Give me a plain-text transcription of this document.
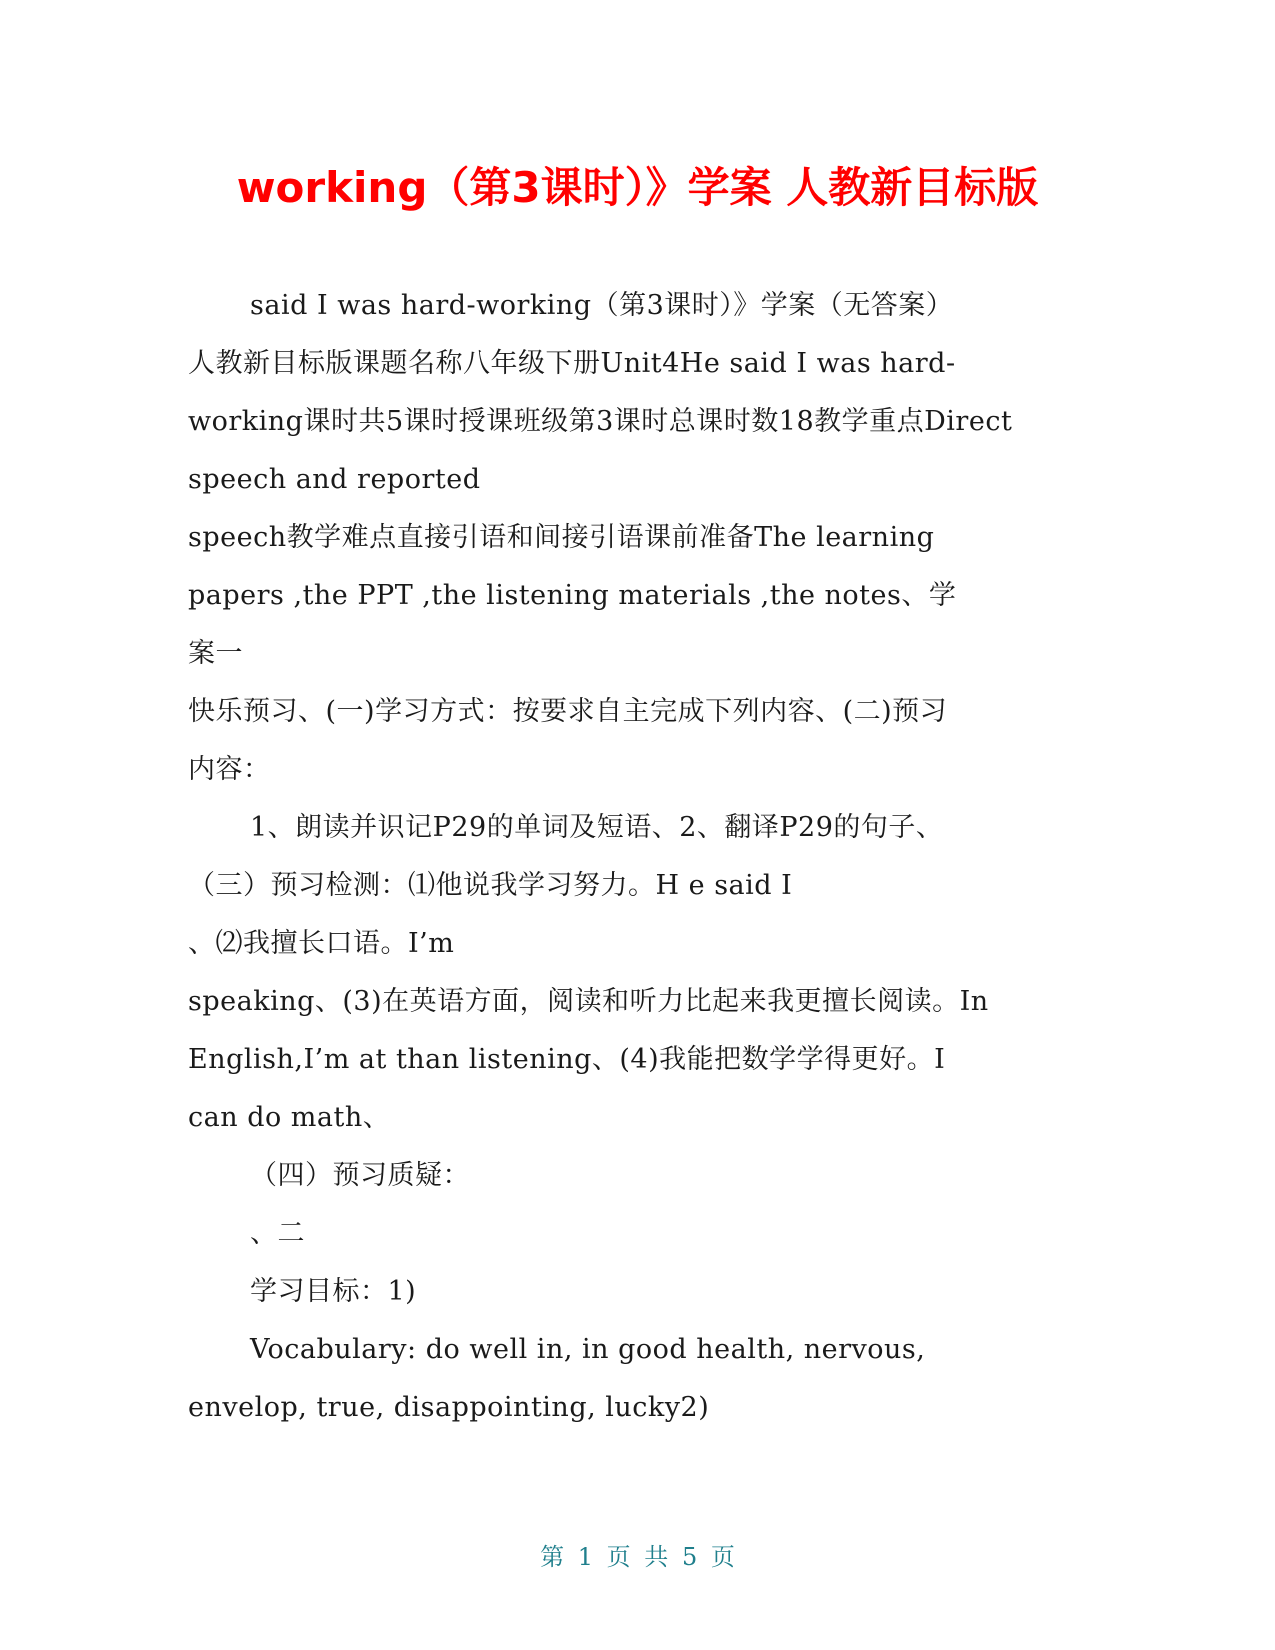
working（第3课时）》学案 人教新目标版
said I was hard-working（第3课时）》学案（无答案）
人教新目标版课题名称八年级下册Unit4He said I was hard-
working课时共5课时授课班级第3课时总课时数18教学重点Direct
speech and reported
speech教学难点直接引语和间接引语课前准备The learning
papers ,the PPT ,the listening materials ,the notes、学
案一
快乐预习、(一)学习方式：按要求自主完成下列内容、(二)预习
内容：
1、朗读并识记P29的单词及短语、2、翻译P29的句子、
（三）预习检测：⑴他说我学习努力。H e said I
、⑵我擅长口语。I’m
speaking、(3)在英语方面，阅读和听力比起来我更擅长阅读。In
English,I’m at than listening、(4)我能把数学学得更好。I
can do math、
（四）预习质疑：
、二
学习目标：1)
Vocabulary: do well in, in good health, nervous,
envelop, true, disappointing, lucky2)
第 1 页 共 5 页
